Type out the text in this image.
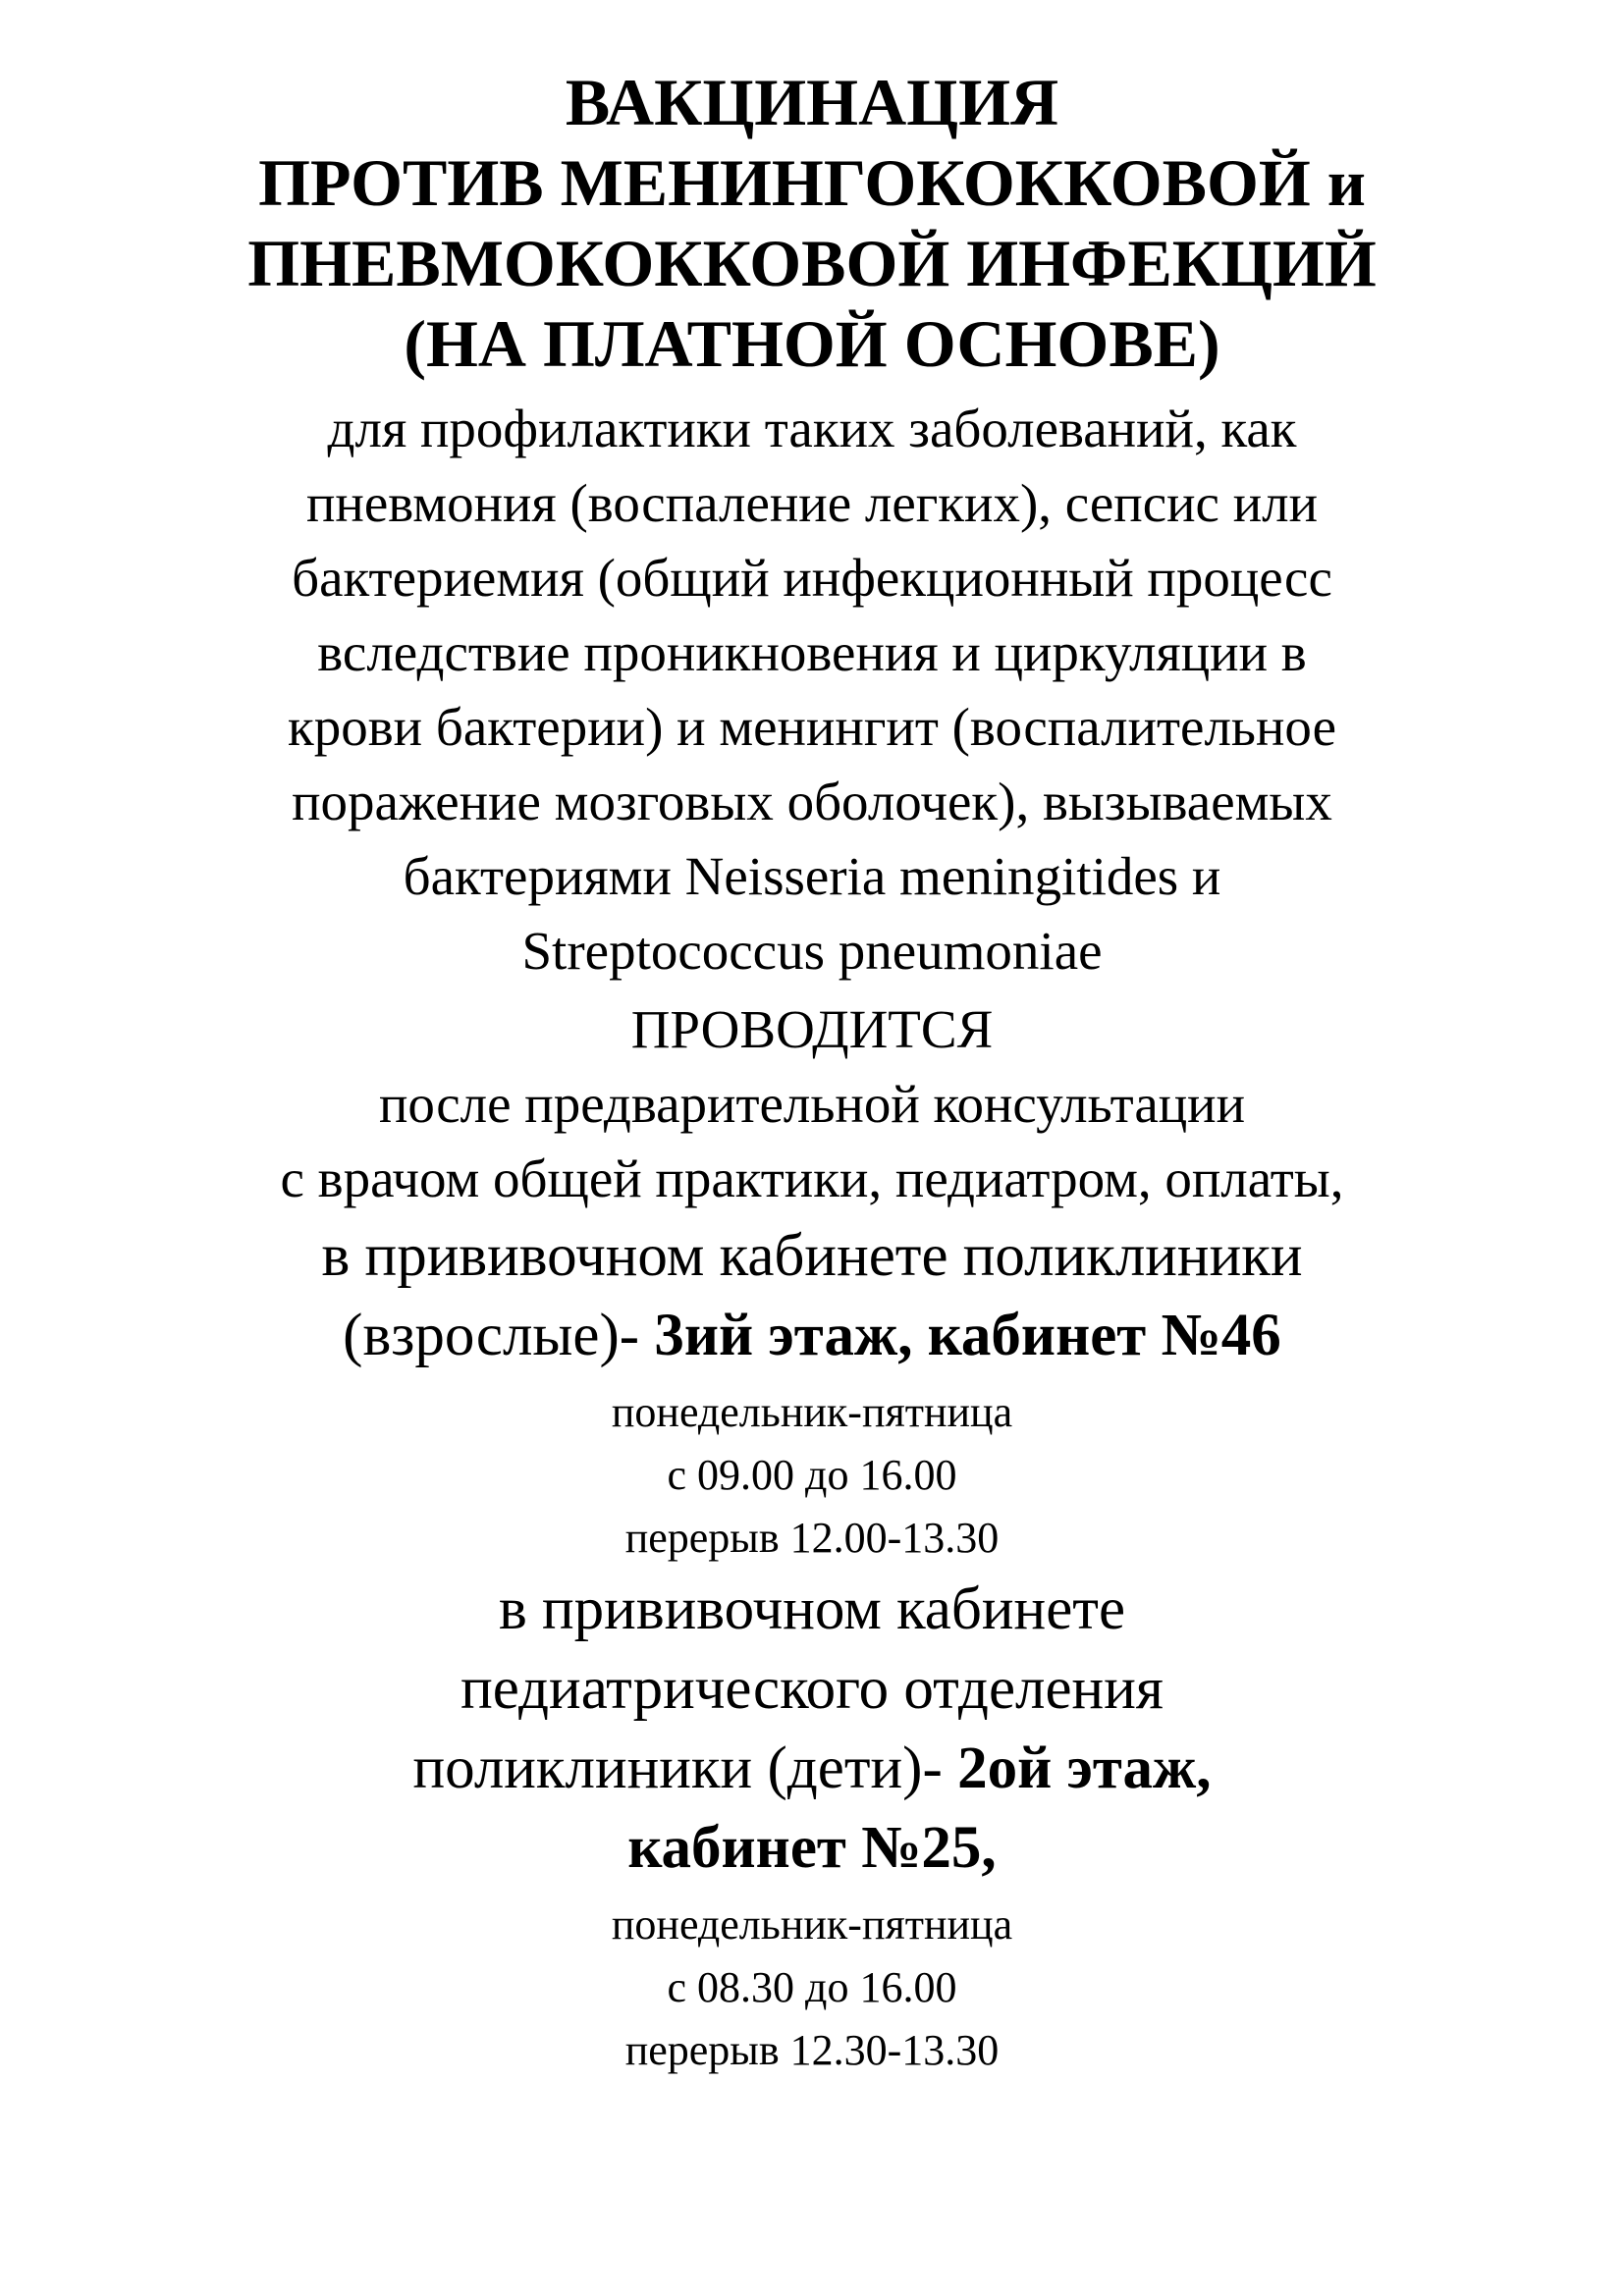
ВАКЦИНАЦИЯ
ПРОТИВ МЕНИНГОКОККОВОЙ и
ПНЕВМОКОККОВОЙ ИНФЕКЦИЙ
(НА ПЛАТНОЙ ОСНОВЕ)
для профилактики таких заболеваний, как
пневмония (воспаление легких), сепсис или
бактериемия (общий инфекционный процесс
вследствие проникновения и циркуляции в
крови бактерии) и менингит (воспалительное
поражение мозговых оболочек), вызываемых
бактериями Neisseria meningitides и
Streptococcus pneumoniae
ПРОВОДИТСЯ
после предварительной консультации
с врачом общей практики, педиатром, оплаты,
в прививочном кабинете поликлиники
(взрослые)- 3ий этаж, кабинет №46
понедельник-пятница
с 09.00 до 16.00
перерыв 12.00-13.30
в прививочном кабинете
педиатрического отделения
поликлиники (дети)- 2ой этаж,
кабинет №25,
понедельник-пятница
с 08.30 до 16.00
перерыв 12.30-13.30
